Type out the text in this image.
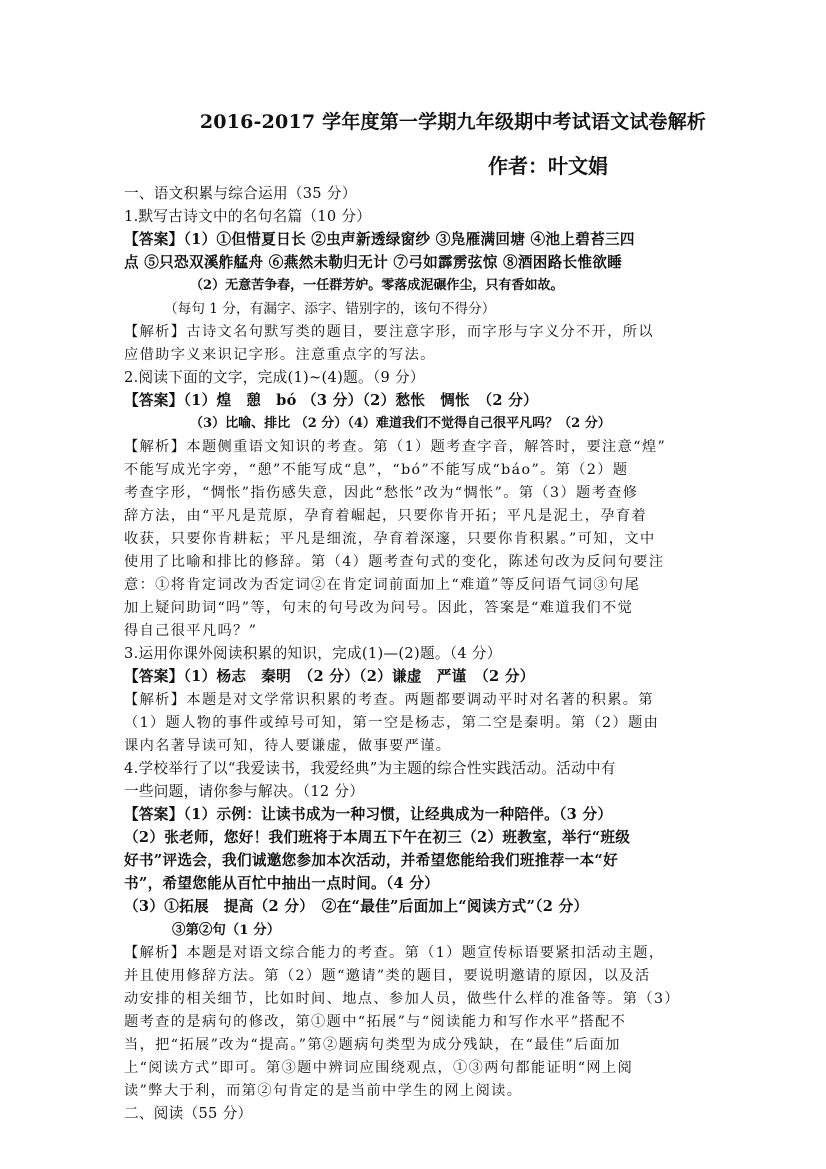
2016-2017 学年度第一学期九年级期中考试语文试卷解析
作者：叶文娟
一、语文积累与综合运用（35 分）
1.默写古诗文中的名句名篇（10 分）
【答案】（1）①但惜夏日长 ②虫声新透绿窗纱 ③凫雁满回塘 ④池上碧苔三四
点 ⑤只恐双溪舴艋舟 ⑥燕然未勒归无计 ⑦弓如霹雳弦惊 ⑧酒困路长惟欲睡
（2）无意苦争春，一任群芳妒。零落成泥碾作尘，只有香如故。
（每句 1 分，有漏字、添字、错别字的，该句不得分）
【解析】古诗文名句默写类的题目，要注意字形，而字形与字义分不开，所以
应借助字义来识记字形。注意重点字的写法。
2.阅读下面的文字，完成(1)~(4)题。（9 分）
【答案】（1）煌　憩　bó （3 分）（2）愁怅　惆怅　（2 分）
（3）比喻、排比 （2 分）（4）难道我们不觉得自己很平凡吗？（2 分）
【解析】本题侧重语文知识的考查。第（1）题考查字音，解答时，要注意“煌”
不能写成光字旁，“憩”不能写成“息”，“bó”不能写成“báo”。第（2）题
考查字形，“惆怅”指伤感失意，因此“愁怅”改为“惆怅”。第（3）题考查修
辞方法，由“平凡是荒原，孕育着崛起，只要你肯开拓；平凡是泥土，孕育着
收获，只要你肯耕耘；平凡是细流，孕育着深邃，只要你肯积累。”可知，文中
使用了比喻和排比的修辞。第（4）题考查句式的变化，陈述句改为反问句要注
意：①将肯定词改为否定词②在肯定词前面加上“难道”等反问语气词③句尾
加上疑问助词“吗”等，句末的句号改为问号。因此，答案是“难道我们不觉
得自己很平凡吗？”
3.运用你课外阅读积累的知识，完成(1)—(2)题。（4 分）
【答案】（1）杨志　秦明　（2 分）（2）谦虚　严谨　（2 分）
【解析】本题是对文学常识积累的考查。两题都要调动平时对名著的积累。第
（1）题人物的事件或绰号可知，第一空是杨志，第二空是秦明。第（2）题由
课内名著导读可知，待人要谦虚，做事要严谨。
4.学校举行了以“我爱读书，我爱经典”为主题的综合性实践活动。活动中有
一些问题，请你参与解决。（12 分）
【答案】（1）示例：让读书成为一种习惯，让经典成为一种陪伴。（3 分）
（2）张老师，您好！我们班将于本周五下午在初三（2）班教室，举行“班级
好书”评选会，我们诚邀您参加本次活动，并希望您能给我们班推荐一本“好
书”，希望您能从百忙中抽出一点时间。（4 分）
（3）①拓展　提高（2 分）　②在“最佳”后面加上“阅读方式”（2 分）
③第②句（1 分）
【解析】本题是对语文综合能力的考查。第（1）题宣传标语要紧扣活动主题，
并且使用修辞方法。第（2）题“邀请”类的题目，要说明邀请的原因，以及活
动安排的相关细节，比如时间、地点、参加人员，做些什么样的准备等。第（3）
题考查的是病句的修改，第①题中“拓展”与“阅读能力和写作水平”搭配不
当，把“拓展”改为“提高。”第②题病句类型为成分残缺，在“最佳”后面加
上“阅读方式”即可。第③题中辨词应围绕观点，①③两句都能证明“网上阅
读”弊大于利，而第②句肯定的是当前中学生的网上阅读。
二、阅读（55 分）
